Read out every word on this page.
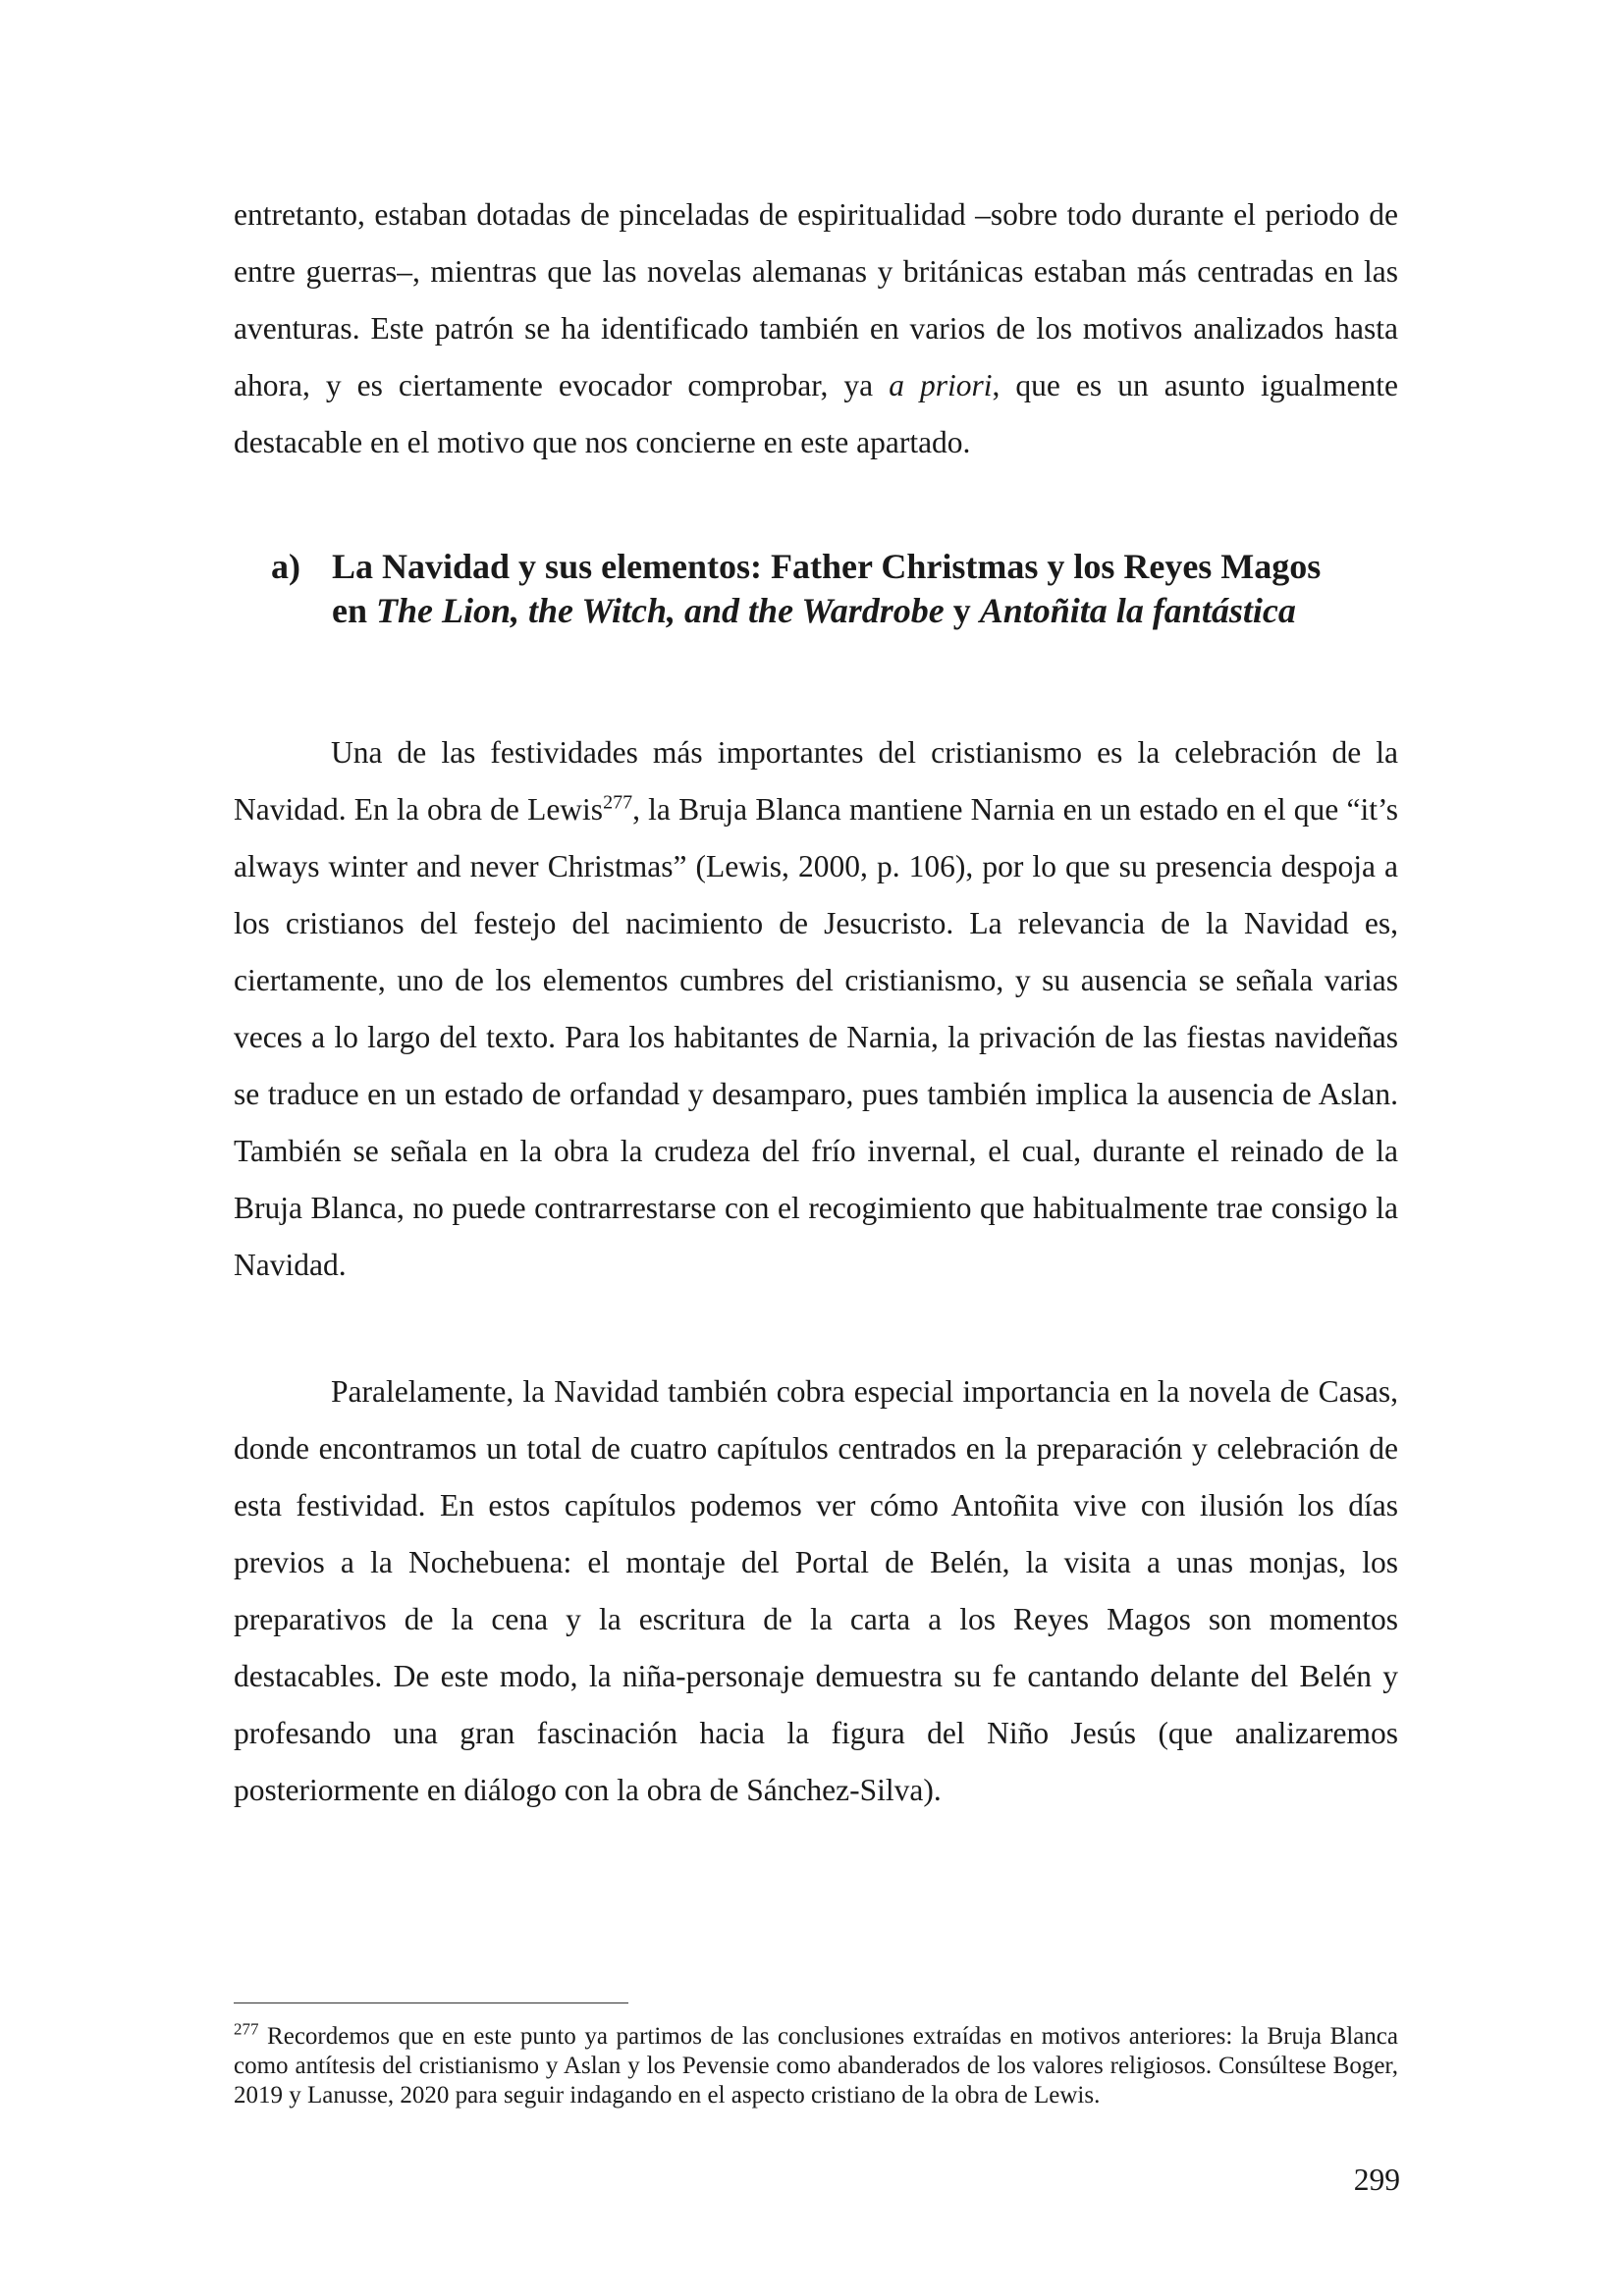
entretanto, estaban dotadas de pinceladas de espiritualidad –sobre todo durante el periodo de entre guerras–, mientras que las novelas alemanas y británicas estaban más centradas en las aventuras. Este patrón se ha identificado también en varios de los motivos analizados hasta ahora, y es ciertamente evocador comprobar, ya a priori, que es un asunto igualmente destacable en el motivo que nos concierne en este apartado.

a) La Navidad y sus elementos: Father Christmas y los Reyes Magos en The Lion, the Witch, and the Wardrobe y Antoñita la fantástica

Una de las festividades más importantes del cristianismo es la celebración de la Navidad. En la obra de Lewis$^{277}$, la Bruja Blanca mantiene Narnia en un estado en el que “it’s always winter and never Christmas” (Lewis, 2000, p. 106), por lo que su presencia despoja a los cristianos del festejo del nacimiento de Jesucristo. La relevancia de la Navidad es, ciertamente, uno de los elementos cumbres del cristianismo, y su ausencia se señala varias veces a lo largo del texto. Para los habitantes de Narnia, la privación de las fiestas navideñas se traduce en un estado de orfandad y desamparo, pues también implica la ausencia de Aslan. También se señala en la obra la crudeza del frío invernal, el cual, durante el reinado de la Bruja Blanca, no puede contrarrestarse con el recogimiento que habitualmente trae consigo la Navidad.

Paralelamente, la Navidad también cobra especial importancia en la novela de Casas, donde encontramos un total de cuatro capítulos centrados en la preparación y celebración de esta festividad. En estos capítulos podemos ver cómo Antoñita vive con ilusión los días previos a la Nochebuena: el montaje del Portal de Belén, la visita a unas monjas, los preparativos de la cena y la escritura de la carta a los Reyes Magos son momentos destacables. De este modo, la niña-personaje demuestra su fe cantando delante del Belén y profesando una gran fascinación hacia la figura del Niño Jesús (que analizaremos posteriormente en diálogo con la obra de Sánchez-Silva).

$^{277}$ Recordemos que en este punto ya partimos de las conclusiones extraídas en motivos anteriores: la Bruja Blanca como antítesis del cristianismo y Aslan y los Pevensie como abanderados de los valores religiosos. Consúltese Boger, 2019 y Lanusse, 2020 para seguir indagando en el aspecto cristiano de la obra de Lewis.

299
